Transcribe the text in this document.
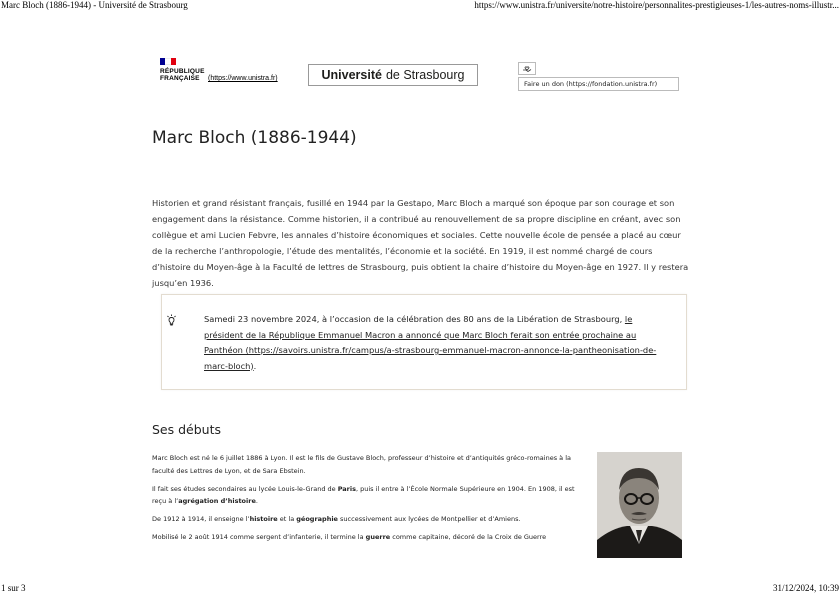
Marc Bloch (1886-1944) - Université de Strasbourg	https://www.unistra.fr/universite/notre-histoire/personnalites-prestigieuses-1/les-autres-noms-illustr...
RÉPUBLIQUE
FRANÇAISE	(https://www.unistra.fr)	Université de Strasbourg
Faire un don (https://fondation.unistra.fr)
Marc Bloch (1886-1944)

Historien et grand résistant français, fusillé en 1944 par la Gestapo, Marc Bloch a marqué son époque par son courage et son engagement dans la résistance. Comme historien, il a contribué au renouvellement de sa propre discipline en créant, avec son collègue et ami Lucien Febvre, les annales d’histoire économiques et sociales. Cette nouvelle école de pensée a placé au cœur de la recherche l’anthropologie, l’étude des mentalités, l’économie et la société. En 1919, il est nommé chargé de cours d’histoire du Moyen-âge à la Faculté de lettres de Strasbourg, puis obtient la chaire d’histoire du Moyen-âge en 1927. Il y restera jusqu’en 1936.

Samedi 23 novembre 2024, à l’occasion de la célébration des 80 ans de la Libération de Strasbourg, le président de la République Emmanuel Macron a annoncé que Marc Bloch ferait son entrée prochaine au Panthéon (https://savoirs.unistra.fr/campus/a-strasbourg-emmanuel-macron-annonce-la-pantheonisation-de-marc-bloch).

Ses débuts

Marc Bloch est né le 6 juillet 1886 à Lyon. Il est le fils de Gustave Bloch, professeur d’histoire et d’antiquités gréco-romaines à la faculté des Lettres de Lyon, et de Sara Ebstein.

Il fait ses études secondaires au lycée Louis-le-Grand de Paris, puis il entre à l’École Normale Supérieure en 1904. En 1908, il est reçu à l’agrégation d’histoire.

De 1912 à 1914, il enseigne l’histoire et la géographie successivement aux lycées de Montpellier et d’Amiens.

Mobilisé le 2 août 1914 comme sergent d’infanterie, il termine la guerre comme capitaine, décoré de la Croix de Guerre

1 sur 3	31/12/2024, 10:39
